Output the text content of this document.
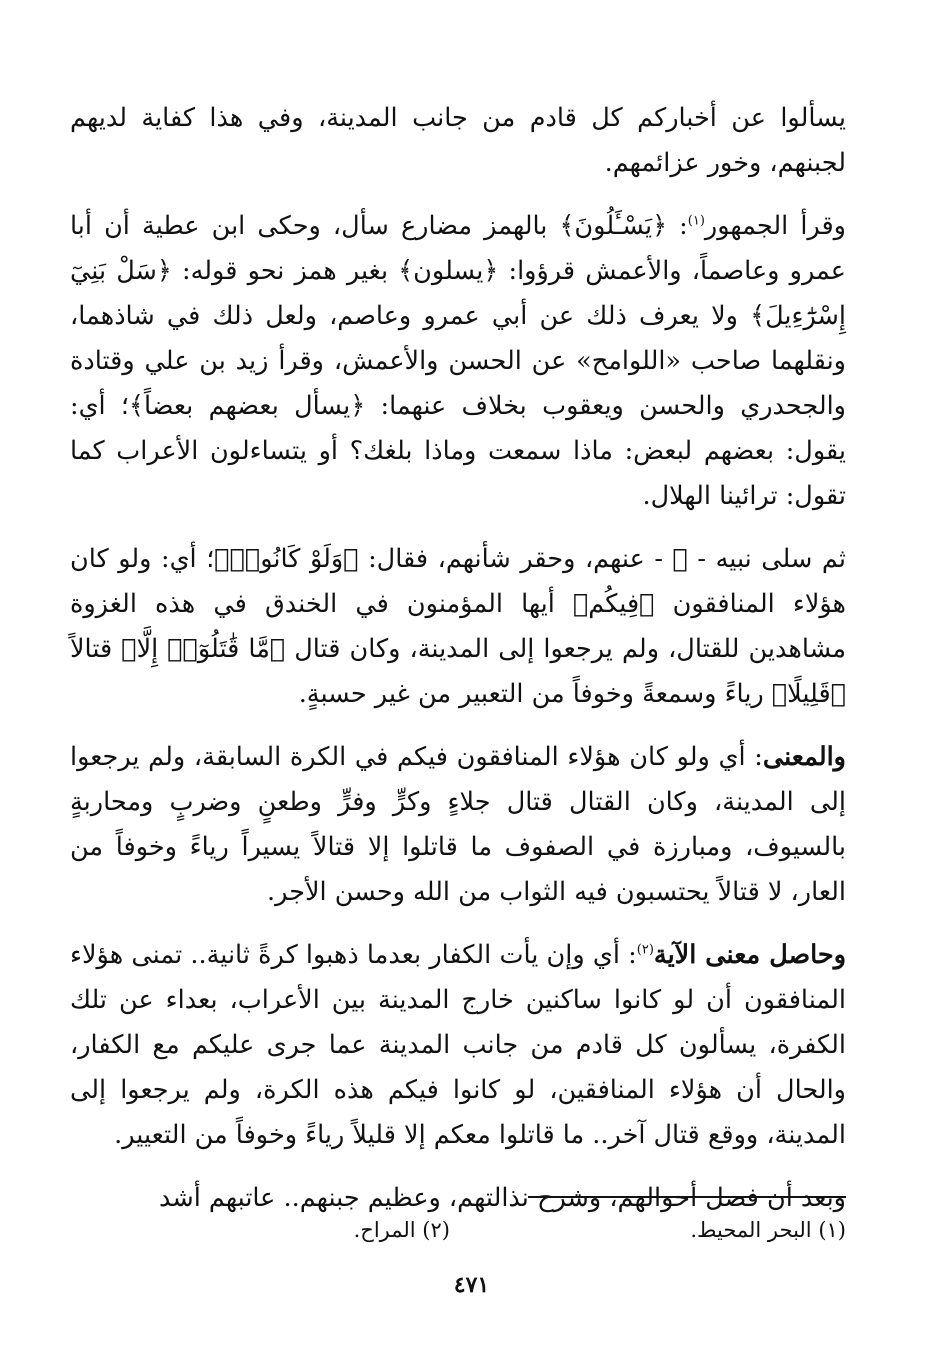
يسألوا عن أخباركم كل قادم من جانب المدينة، وفي هذا كفاية لديهم لجبنهم، وخور عزائمهم.

وقرأ الجمهور$^{(١)}$: ﴿يَسْـَٔلُونَ﴾ بالهمز مضارع سأل، وحكى ابن عطية أن أبا عمرو وعاصماً، والأعمش قرؤوا: ﴿يسلون﴾ بغير همز نحو قوله: ﴿سَلْ بَنِيٓ إِسْرَٰٓءِيلَ﴾ ولا يعرف ذلك عن أبي عمرو وعاصم، ولعل ذلك في شاذهما، ونقلهما صاحب «اللوامح» عن الحسن والأعمش، وقرأ زيد بن علي وقتادة والجحدري والحسن ويعقوب بخلاف عنهما: ﴿يسأل بعضهم بعضاً﴾؛ أي: يقول: بعضهم لبعض: ماذا سمعت وماذا بلغك؟ أو يتساءلون الأعراب كما تقول: ترائينا الهلال.

ثم سلى نبيه - ﷺ - عنهم، وحقر شأنهم، فقال: ﴿وَلَوْ كَانُوا۟﴾؛ أي: ولو كان هؤلاء المنافقون ﴿فِيكُم﴾ أيها المؤمنون في الخندق في هذه الغزوة مشاهدين للقتال، ولم يرجعوا إلى المدينة، وكان قتال ﴿مَّا قَٰتَلُوٓا۟ إِلَّا﴾ قتالاً ﴿قَلِيلًا﴾ رياءً وسمعةً وخوفاً من التعبير من غير حسبةٍ.

والمعنى: أي ولو كان هؤلاء المنافقون فيكم في الكرة السابقة، ولم يرجعوا إلى المدينة، وكان القتال قتال جلاءٍ وكرٍّ وفرٍّ وطعنٍ وضربٍ ومحاربةٍ بالسيوف، ومبارزة في الصفوف ما قاتلوا إلا قتالاً يسيراً رياءً وخوفاً من العار، لا قتالاً يحتسبون فيه الثواب من الله وحسن الأجر.

وحاصل معنى الآية$^{(٢)}$: أي وإن يأت الكفار بعدما ذهبوا كرةً ثانية.. تمنى هؤلاء المنافقون أن لو كانوا ساكنين خارج المدينة بين الأعراب، بعداء عن تلك الكفرة، يسألون كل قادم من جانب المدينة عما جرى عليكم مع الكفار، والحال أن هؤلاء المنافقين، لو كانوا فيكم هذه الكرة، ولم يرجعوا إلى المدينة، ووقع قتال آخر.. ما قاتلوا معكم إلا قليلاً رياءً وخوفاً من التعيير.

وبعد أن فصل أحوالهم، وشرح نذالتهم، وعظيم جبنهم.. عاتبهم أشد

(١) البحر المحيط.
(٢) المراح.
٤٧١
